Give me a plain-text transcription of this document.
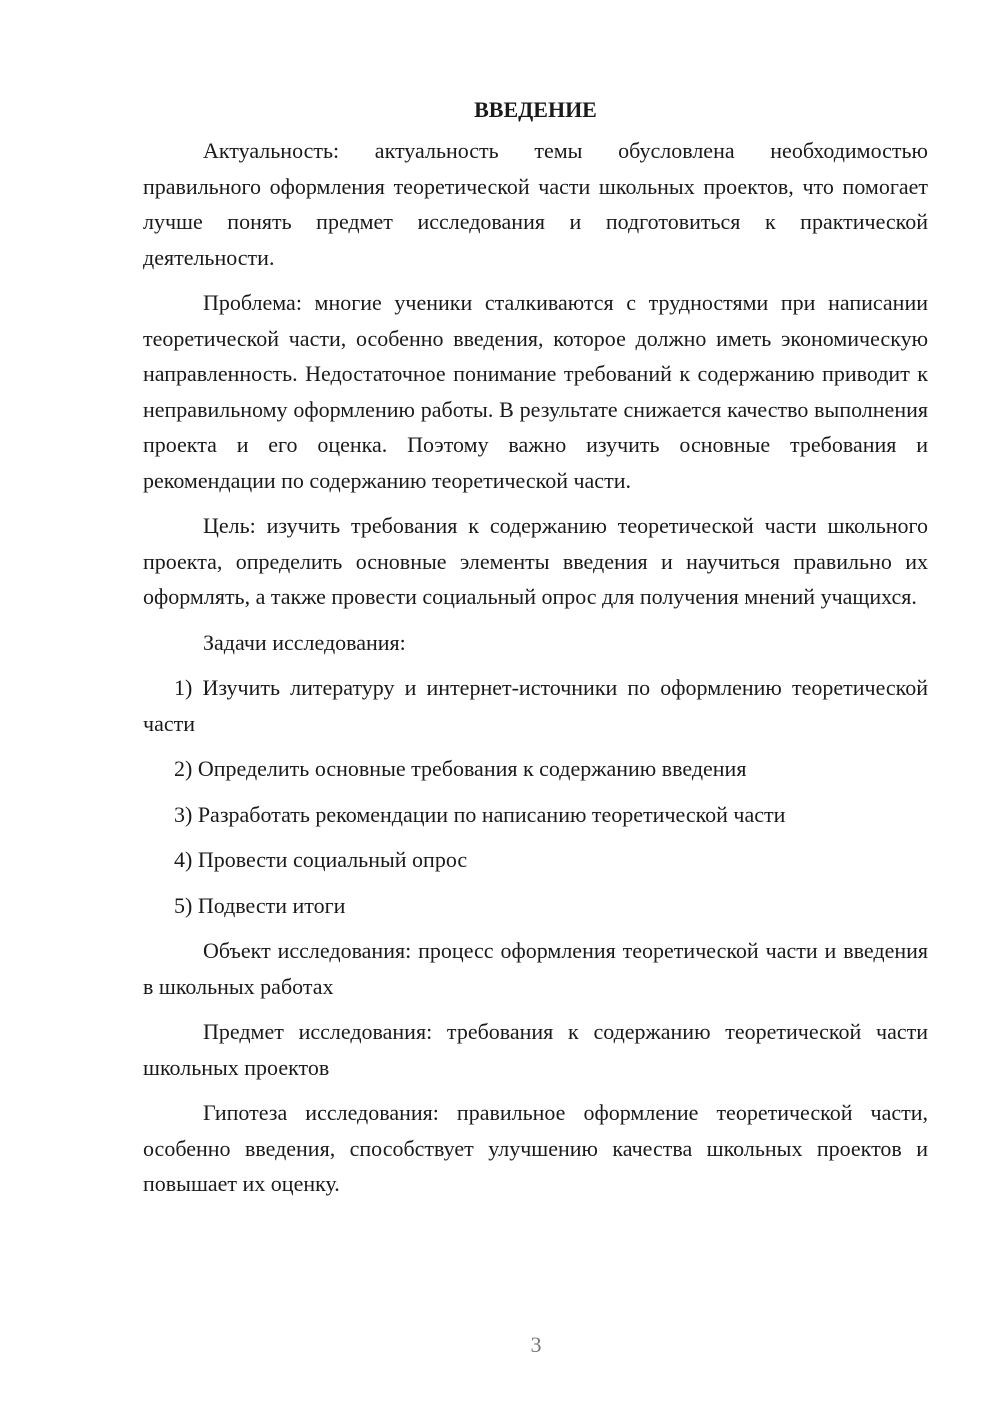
ВВЕДЕНИЕ

Актуальность: актуальность темы обусловлена необходимостью правильного оформления теоретической части школьных проектов, что помогает лучше понять предмет исследования и подготовиться к практической деятельности.

Проблема: многие ученики сталкиваются с трудностями при написании теоретической части, особенно введения, которое должно иметь экономическую направленность. Недостаточное понимание требований к содержанию приводит к неправильному оформлению работы. В результате снижается качество выполнения проекта и его оценка. Поэтому важно изучить основные требования и рекомендации по содержанию теоретической части.

Цель: изучить требования к содержанию теоретической части школьного проекта, определить основные элементы введения и научиться правильно их оформлять, а также провести социальный опрос для получения мнений учащихся.

Задачи исследования:

1) Изучить литературу и интернет-источники по оформлению теоретической части

2) Определить основные требования к содержанию введения

3) Разработать рекомендации по написанию теоретической части

4) Провести социальный опрос

5) Подвести итоги

Объект исследования: процесс оформления теоретической части и введения в школьных работах

Предмет исследования: требования к содержанию теоретической части школьных проектов

Гипотеза исследования: правильное оформление теоретической части, особенно введения, способствует улучшению качества школьных проектов и повышает их оценку.

3
